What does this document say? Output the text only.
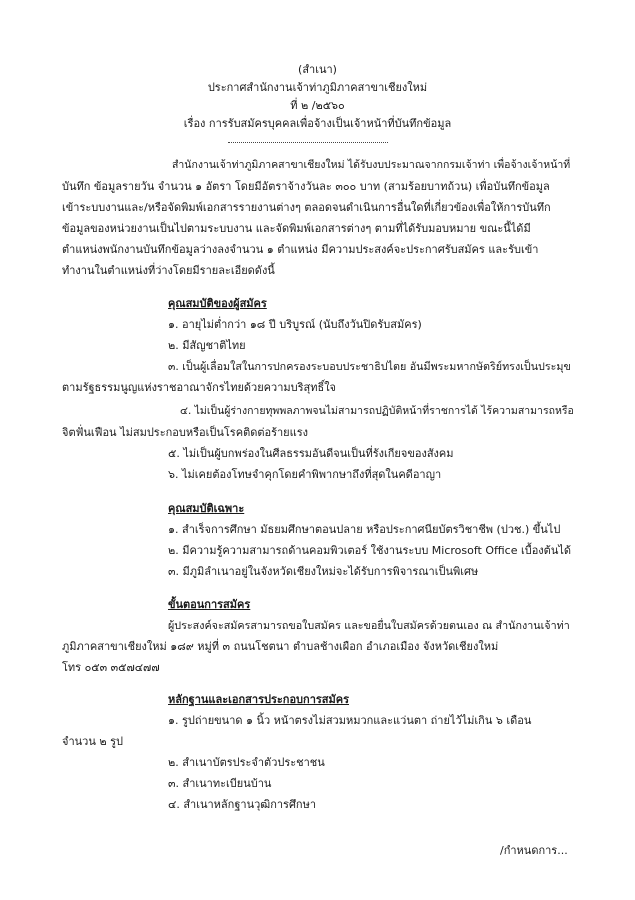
(สำเนา)
ประกาศสำนักงานเจ้าท่าภูมิภาคสาขาเชียงใหม่
ที่ ๒ /๒๕๖๐
เรื่อง การรับสมัครบุคคลเพื่อจ้างเป็นเจ้าหน้าที่บันทึกข้อมูล
สำนักงานเจ้าท่าภูมิภาคสาขาเชียงใหม่ ได้รับงบประมาณจากกรมเจ้าท่า เพื่อจ้างเจ้าหน้าที่
บันทึก ข้อมูลรายวัน จำนวน ๑ อัตรา โดยมีอัตราจ้างวันละ ๓๐๐ บาท (สามร้อยบาทถ้วน) เพื่อบันทึกข้อมูล
เข้าระบบงานและ/หรือจัดพิมพ์เอกสารรายงานต่างๆ ตลอดจนดำเนินการอื่นใดที่เกี่ยวข้องเพื่อให้การบันทึก
ข้อมูลของหน่วยงานเป็นไปตามระบบงาน และจัดพิมพ์เอกสารต่างๆ ตามที่ได้รับมอบหมาย ขณะนี้ได้มี
ตำแหน่งพนักงานบันทึกข้อมูลว่างลงจำนวน ๑ ตำแหน่ง มีความประสงค์จะประกาศรับสมัคร และรับเข้า
ทำงานในตำแหน่งที่ว่างโดยมีรายละเอียดดังนี้
คุณสมบัติของผู้สมัคร
๑. อายุไม่ต่ำกว่า ๑๘ ปี บริบูรณ์ (นับถึงวันปิดรับสมัคร)
๒. มีสัญชาติไทย
๓. เป็นผู้เลื่อมใสในการปกครองระบอบประชาธิปไตย อันมีพระมหากษัตริย์ทรงเป็นประมุข
ตามรัฐธรรมนูญแห่งราชอาณาจักรไทยด้วยความบริสุทธิ์ใจ
๔. ไม่เป็นผู้ร่างกายทุพพลภาพจนไม่สามารถปฏิบัติหน้าที่ราชการได้ ไร้ความสามารถหรือ
จิตฟั่นเฟือน ไม่สมประกอบหรือเป็นโรคติดต่อร้ายแรง
๕. ไม่เป็นผู้บกพร่องในศีลธรรมอันดีจนเป็นที่รังเกียจของสังคม
๖. ไม่เคยต้องโทษจำคุกโดยคำพิพากษาถึงที่สุดในคดีอาญา
คุณสมบัติเฉพาะ
๑. สำเร็จการศึกษา มัธยมศึกษาตอนปลาย หรือประกาศนียบัตรวิชาชีพ (ปวช.) ขึ้นไป
๒. มีความรู้ความสามารถด้านคอมพิวเตอร์ ใช้งานระบบ Microsoft Office เบื้องต้นได้
๓. มีภูมิลำเนาอยู่ในจังหวัดเชียงใหม่จะได้รับการพิจารณาเป็นพิเศษ
ขั้นตอนการสมัคร
ผู้ประสงค์จะสมัครสามารถขอใบสมัคร และขอยื่นใบสมัครด้วยตนเอง ณ สำนักงานเจ้าท่า
ภูมิภาคสาขาเชียงใหม่ ๑๘๙ หมู่ที่ ๓ ถนนโชตนา ตำบลช้างเผือก อำเภอเมือง จังหวัดเชียงใหม่
โทร ๐๕๓ ๓๕๗๔๗๗
หลักฐานและเอกสารประกอบการสมัคร
๑. รูปถ่ายขนาด ๑ นิ้ว หน้าตรงไม่สวมหมวกและแว่นตา ถ่ายไว้ไม่เกิน ๖ เดือน
จำนวน ๒ รูป
๒. สำเนาบัตรประจำตัวประชาชน
๓. สำเนาทะเบียนบ้าน
๔. สำเนาหลักฐานวุฒิการศึกษา
/กำหนดการ...
